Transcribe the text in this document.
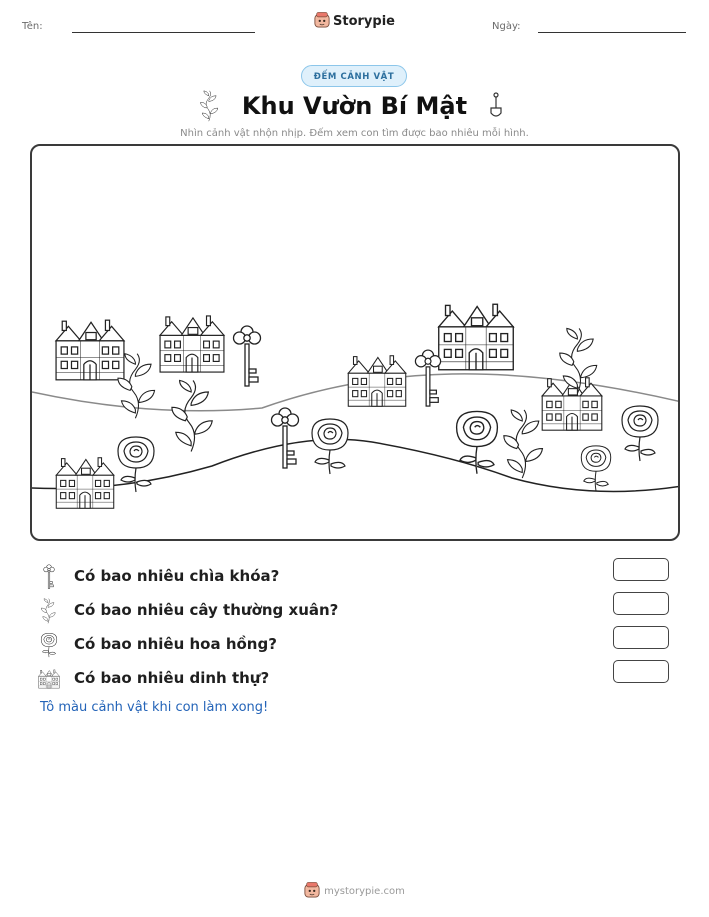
Tên:	Storypie	Ngày:
ĐẾM CẢNH VẬT
Khu Vườn Bí Mật
Nhìn cảnh vật nhộn nhịp. Đếm xem con tìm được bao nhiêu mỗi hình.
Có bao nhiêu chìa khóa?
Có bao nhiêu cây thường xuân?
Có bao nhiêu hoa hồng?
Có bao nhiêu dinh thự?
Tô màu cảnh vật khi con làm xong!
mystorypie.com
